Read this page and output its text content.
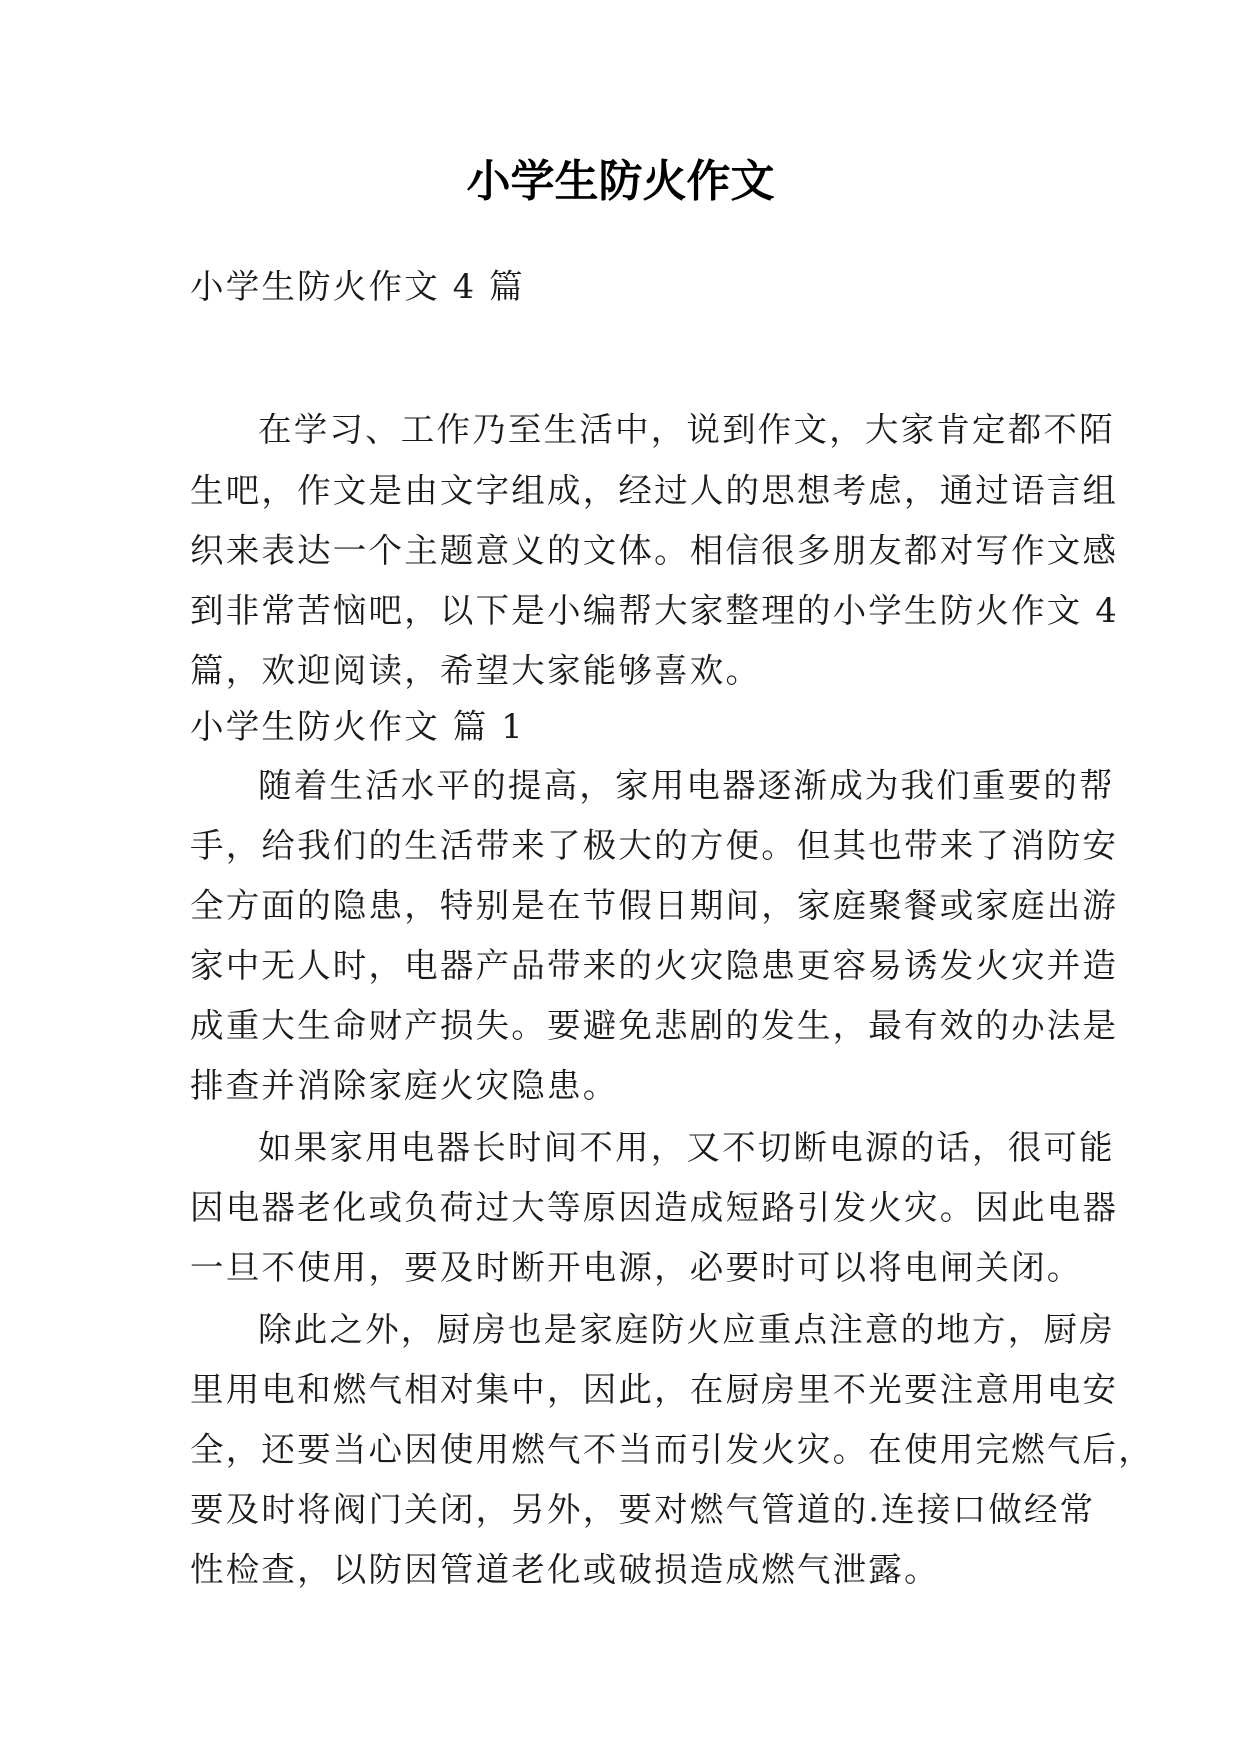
小学生防火作文
小学生防火作文 4 篇
在学习、工作乃至生活中，说到作文，大家肯定都不陌
生吧，作文是由文字组成，经过人的思想考虑，通过语言组
织来表达一个主题意义的文体。相信很多朋友都对写作文感
到非常苦恼吧，以下是小编帮大家整理的小学生防火作文 4
篇，欢迎阅读，希望大家能够喜欢。
小学生防火作文 篇 1
随着生活水平的提高，家用电器逐渐成为我们重要的帮
手，给我们的生活带来了极大的方便。但其也带来了消防安
全方面的隐患，特别是在节假日期间，家庭聚餐或家庭出游
家中无人时，电器产品带来的火灾隐患更容易诱发火灾并造
成重大生命财产损失。要避免悲剧的发生，最有效的办法是
排查并消除家庭火灾隐患。
如果家用电器长时间不用，又不切断电源的话，很可能
因电器老化或负荷过大等原因造成短路引发火灾。因此电器
一旦不使用，要及时断开电源，必要时可以将电闸关闭。
除此之外，厨房也是家庭防火应重点注意的地方，厨房
里用电和燃气相对集中，因此，在厨房里不光要注意用电安
全，还要当心因使用燃气不当而引发火灾。在使用完燃气后，
要及时将阀门关闭，另外，要对燃气管道的.连接口做经常
性检查，以防因管道老化或破损造成燃气泄露。
